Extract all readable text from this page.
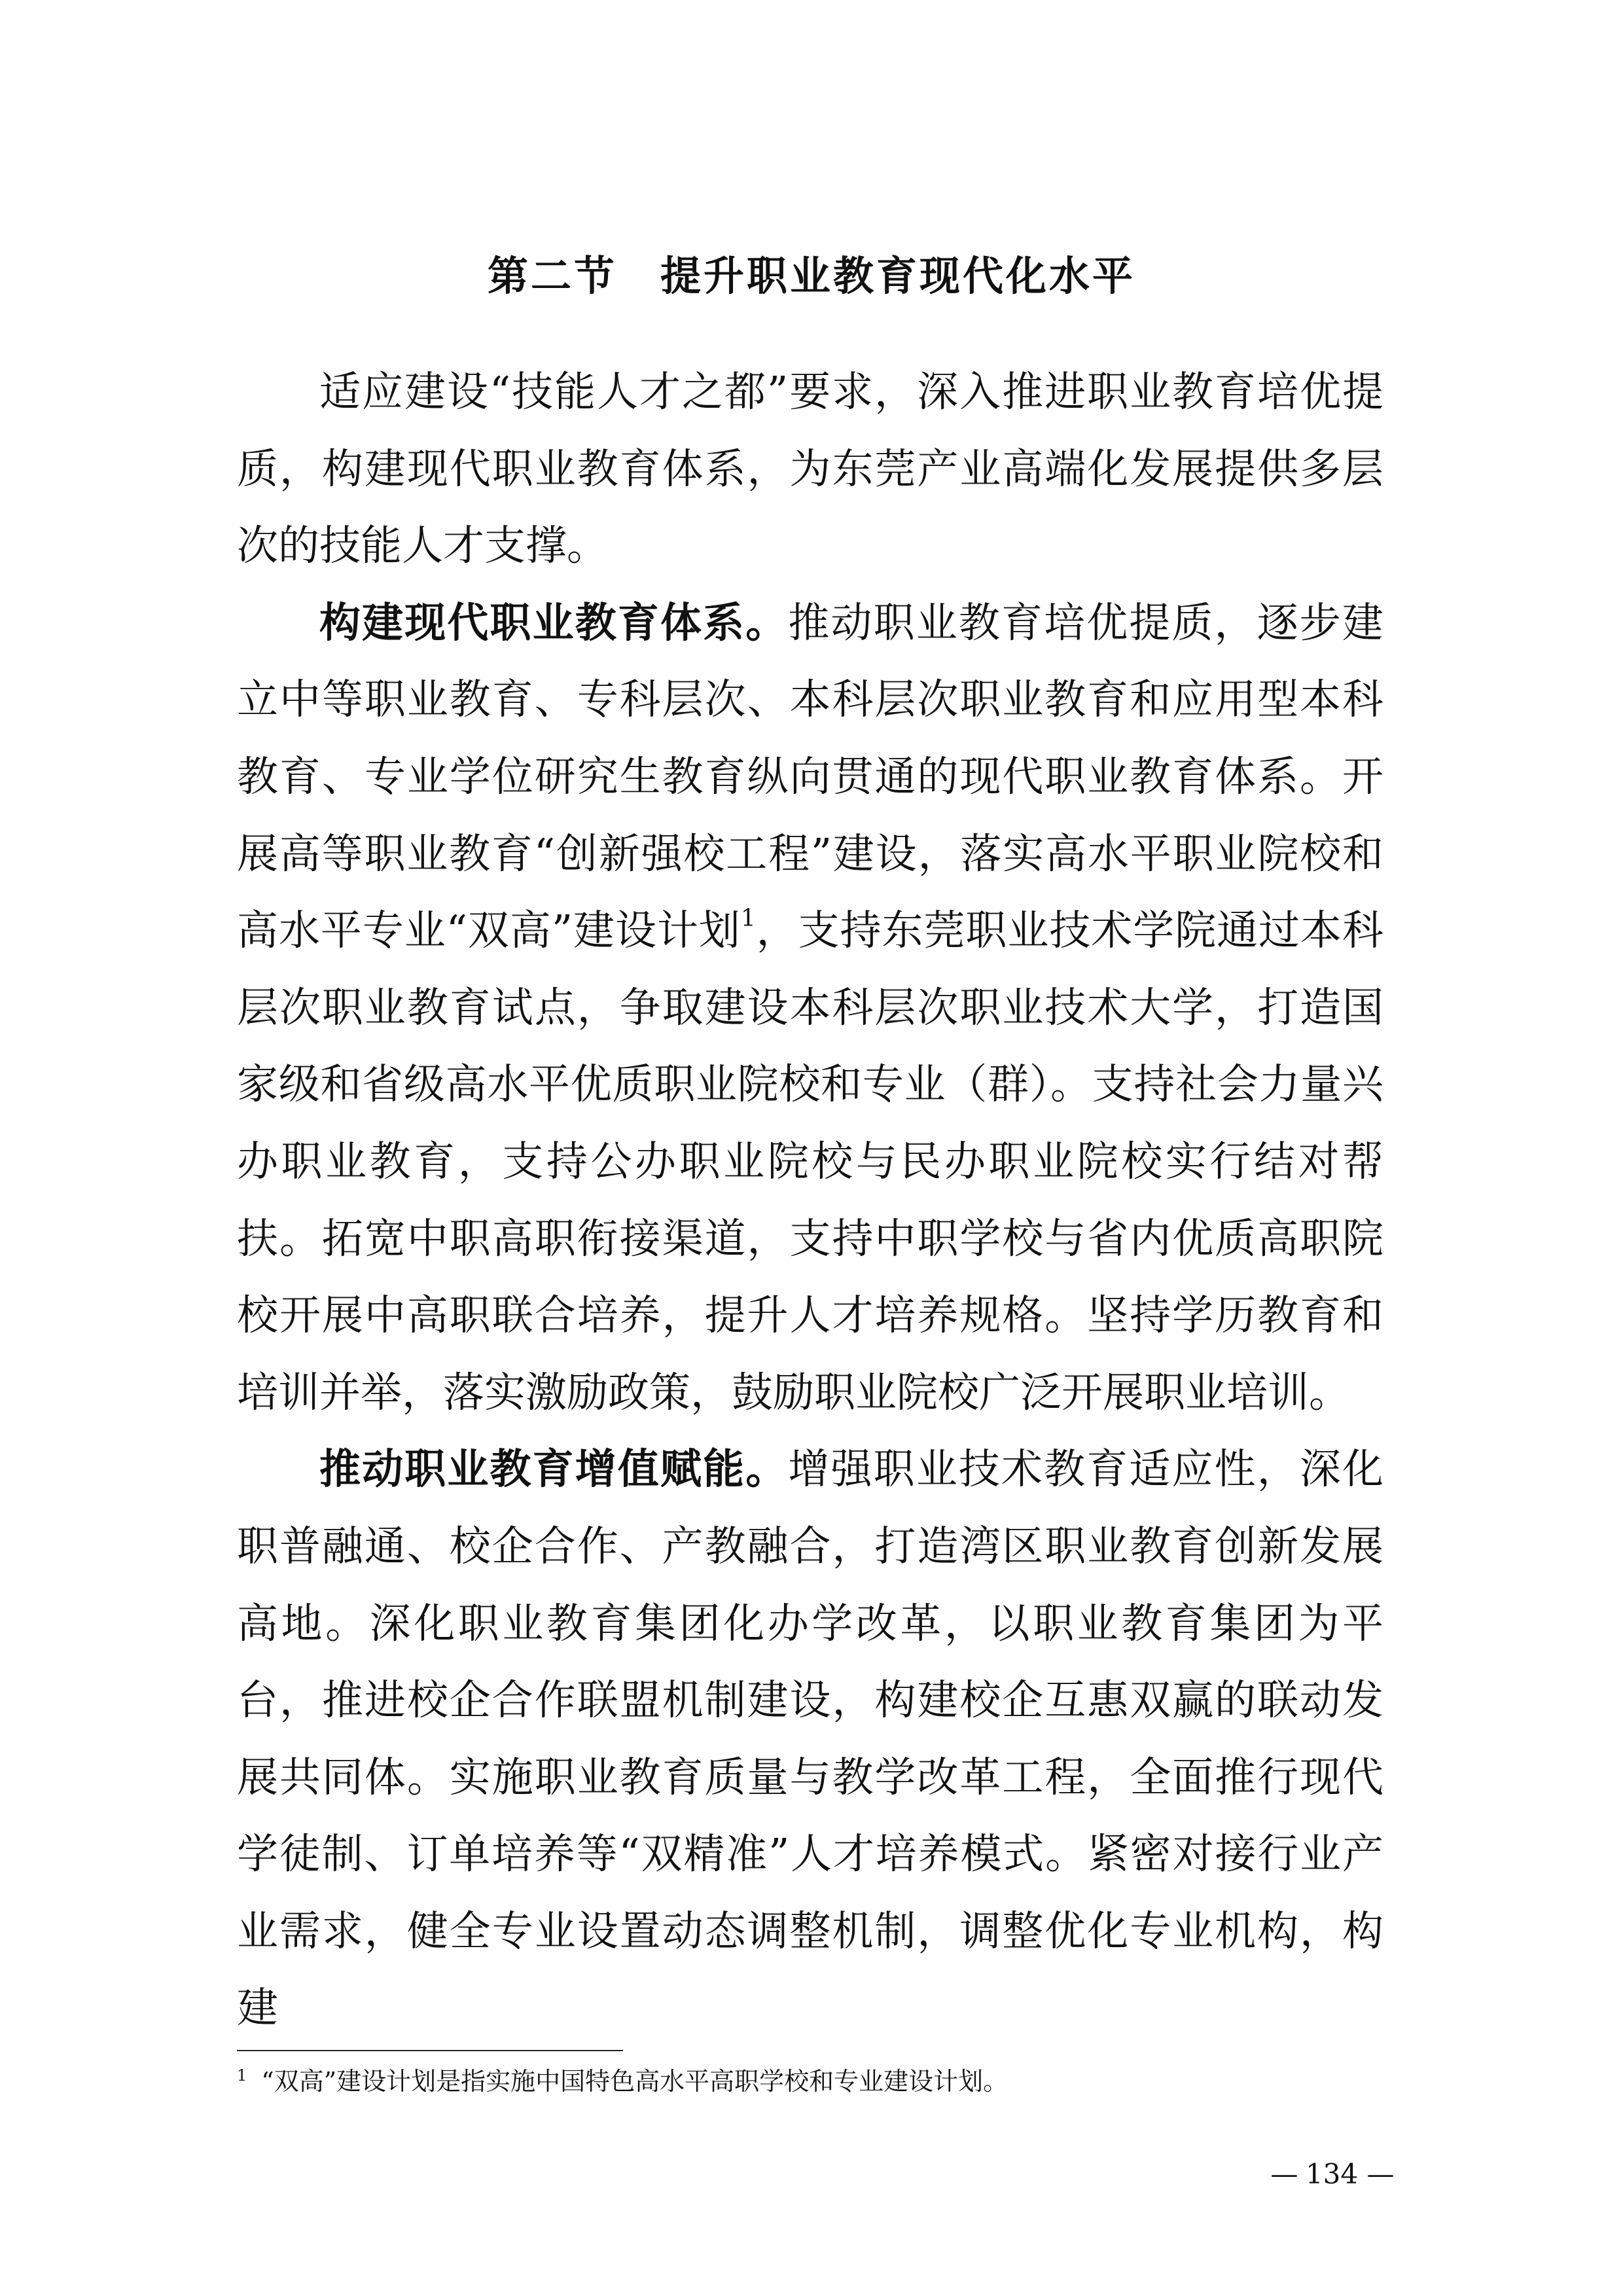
第二节　提升职业教育现代化水平

适应建设“技能人才之都”要求，深入推进职业教育培优提质，构建现代职业教育体系，为东莞产业高端化发展提供多层次的技能人才支撑。

构建现代职业教育体系。推动职业教育培优提质，逐步建立中等职业教育、专科层次、本科层次职业教育和应用型本科教育、专业学位研究生教育纵向贯通的现代职业教育体系。开展高等职业教育“创新强校工程”建设，落实高水平职业院校和高水平专业“双高”建设计划$^1$，支持东莞职业技术学院通过本科层次职业教育试点，争取建设本科层次职业技术大学，打造国家级和省级高水平优质职业院校和专业（群）。支持社会力量兴办职业教育，支持公办职业院校与民办职业院校实行结对帮扶。拓宽中职高职衔接渠道，支持中职学校与省内优质高职院校开展中高职联合培养，提升人才培养规格。坚持学历教育和培训并举，落实激励政策，鼓励职业院校广泛开展职业培训。

推动职业教育增值赋能。增强职业技术教育适应性，深化职普融通、校企合作、产教融合，打造湾区职业教育创新发展高地。深化职业教育集团化办学改革，以职业教育集团为平台，推进校企合作联盟机制建设，构建校企互惠双赢的联动发展共同体。实施职业教育质量与教学改革工程，全面推行现代学徒制、订单培养等“双精准”人才培养模式。紧密对接行业产业需求，健全专业设置动态调整机制，调整优化专业机构，构建

$^1$ “双高”建设计划是指实施中国特色高水平高职学校和专业建设计划。
— 134 —
